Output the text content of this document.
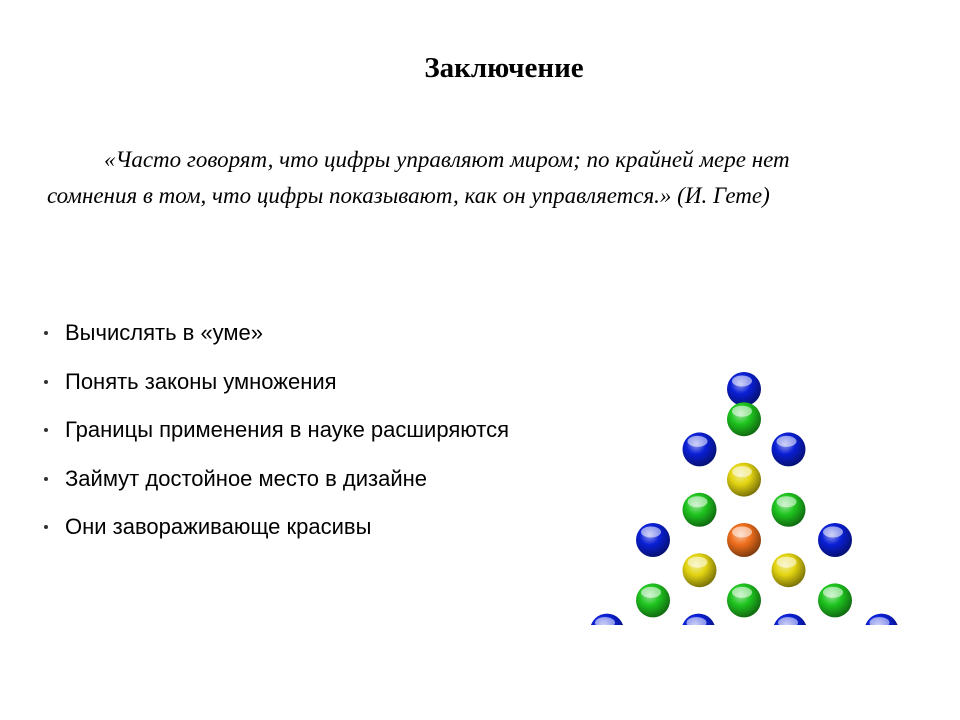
Заключение
«Часто говорят, что цифры управляют миром; по крайней мере нет
сомнения в том, что цифры показывают, как он управляется.» (И. Гете)
Вычислять в «уме»
Понять законы умножения
Границы применения в науке расширяются
Займут достойное место в дизайне
Они завораживающе красивы
